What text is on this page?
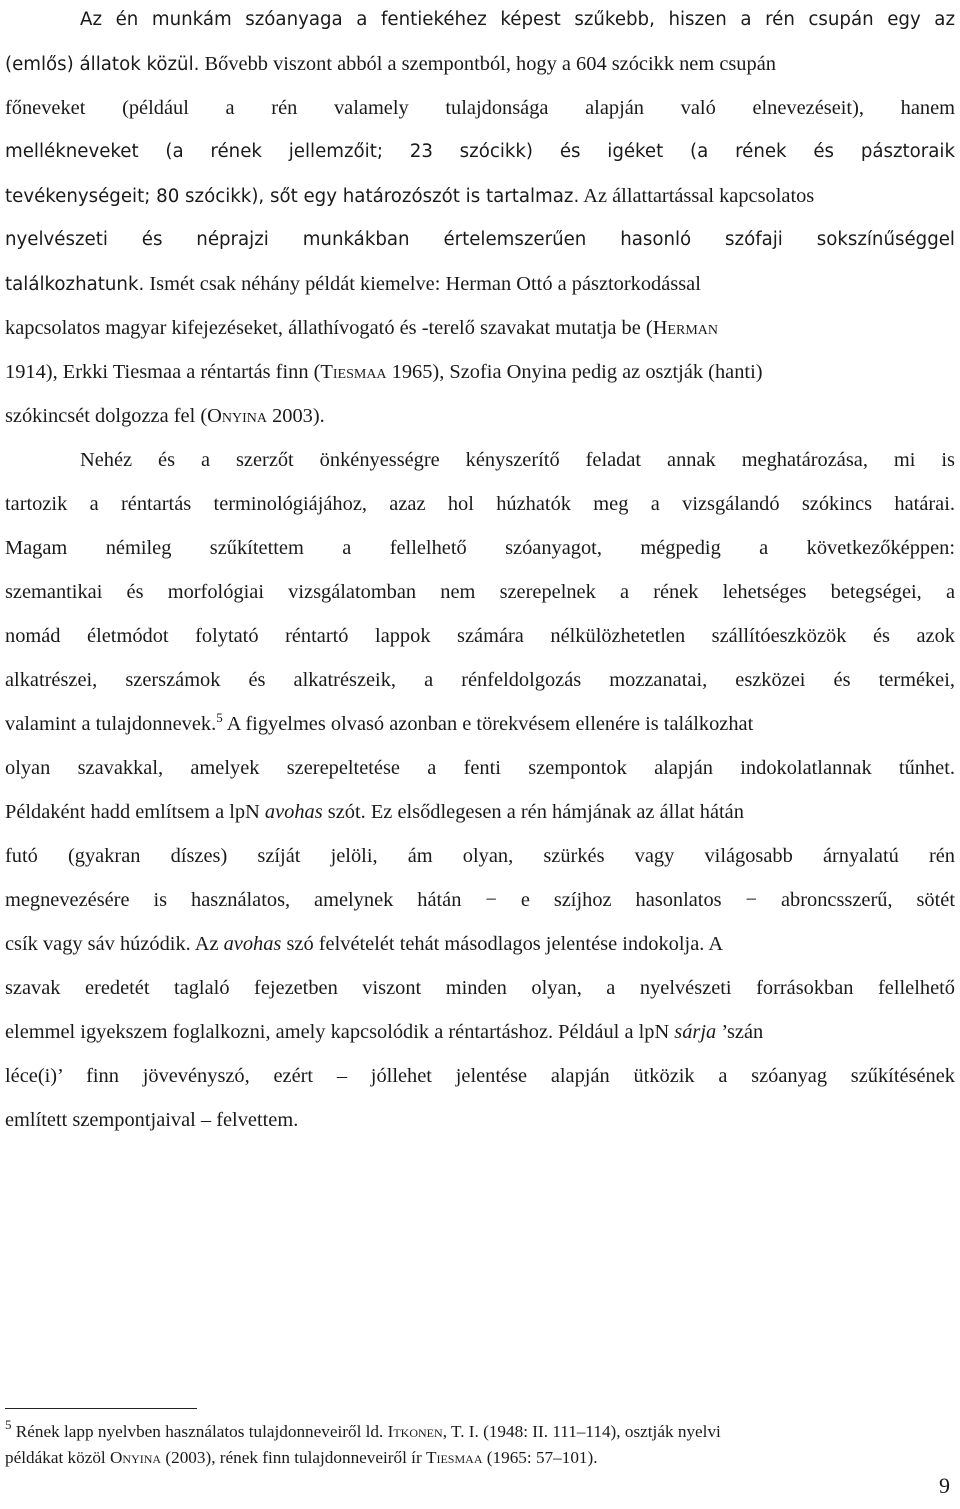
Az én munkám szóanyaga a fentiekéhez képest szűkebb, hiszen a rén csupán egy az
(emlős) állatok közül. Bővebb viszont abból a szempontból, hogy a 604 szócikk nem csupán
főneveket (például a rén valamely tulajdonsága alapján való elnevezéseit), hanem
mellékneveket (a rének jellemzőit; 23 szócikk) és igéket (a rének és pásztoraik
tevékenységeit; 80 szócikk), sőt egy határozószót is tartalmaz. Az állattartással kapcsolatos
nyelvészeti és néprajzi munkákban értelemszerűen hasonló szófaji sokszínűséggel
találkozhatunk. Ismét csak néhány példát kiemelve: Herman Ottó a pásztorkodással
kapcsolatos magyar kifejezéseket, állathívogató és -terelő szavakat mutatja be (Herman
1914), Erkki Tiesmaa a réntartás finn (Tiesmaa 1965), Szofia Onyina pedig az osztják (hanti)
szókincsét dolgozza fel (Onyina 2003).
Nehéz és a szerzőt önkényességre kényszerítő feladat annak meghatározása, mi is
tartozik a réntartás terminológiájához, azaz hol húzhatók meg a vizsgálandó szókincs határai.
Magam némileg szűkítettem a fellelhető szóanyagot, mégpedig a következőképpen:
szemantikai és morfológiai vizsgálatomban nem szerepelnek a rének lehetséges betegségei, a
nomád életmódot folytató réntartó lappok számára nélkülözhetetlen szállítóeszközök és azok
alkatrészei, szerszámok és alkatrészeik, a rénfeldolgozás mozzanatai, eszközei és termékei,
valamint a tulajdonnevek.$^5$ A figyelmes olvasó azonban e törekvésem ellenére is találkozhat
olyan szavakkal, amelyek szerepeltetése a fenti szempontok alapján indokolatlannak tűnhet.
Példaként hadd említsem a lpN avohas szót. Ez elsődlegesen a rén hámjának az állat hátán
futó (gyakran díszes) szíját jelöli, ám olyan, szürkés vagy világosabb árnyalatú rén
megnevezésére is használatos, amelynek hátán − e szíjhoz hasonlatos − abroncsszerű, sötét
csík vagy sáv húzódik. Az avohas szó felvételét tehát másodlagos jelentése indokolja. A
szavak eredetét taglaló fejezetben viszont minden olyan, a nyelvészeti forrásokban fellelhető
elemmel igyekszem foglalkozni, amely kapcsolódik a réntartáshoz. Például a lpN sárja ’szán
léce(i)’ finn jövevényszó, ezért – jóllehet jelentése alapján ütközik a szóanyag szűkítésének
említett szempontjaival – felvettem.
$^5$ Rének lapp nyelvben használatos tulajdonneveiről ld. Itkonen, T. I. (1948: II. 111–114), osztják nyelvi
példákat közöl Onyina (2003), rének finn tulajdonneveiről ír Tiesmaa (1965: 57–101).
9
